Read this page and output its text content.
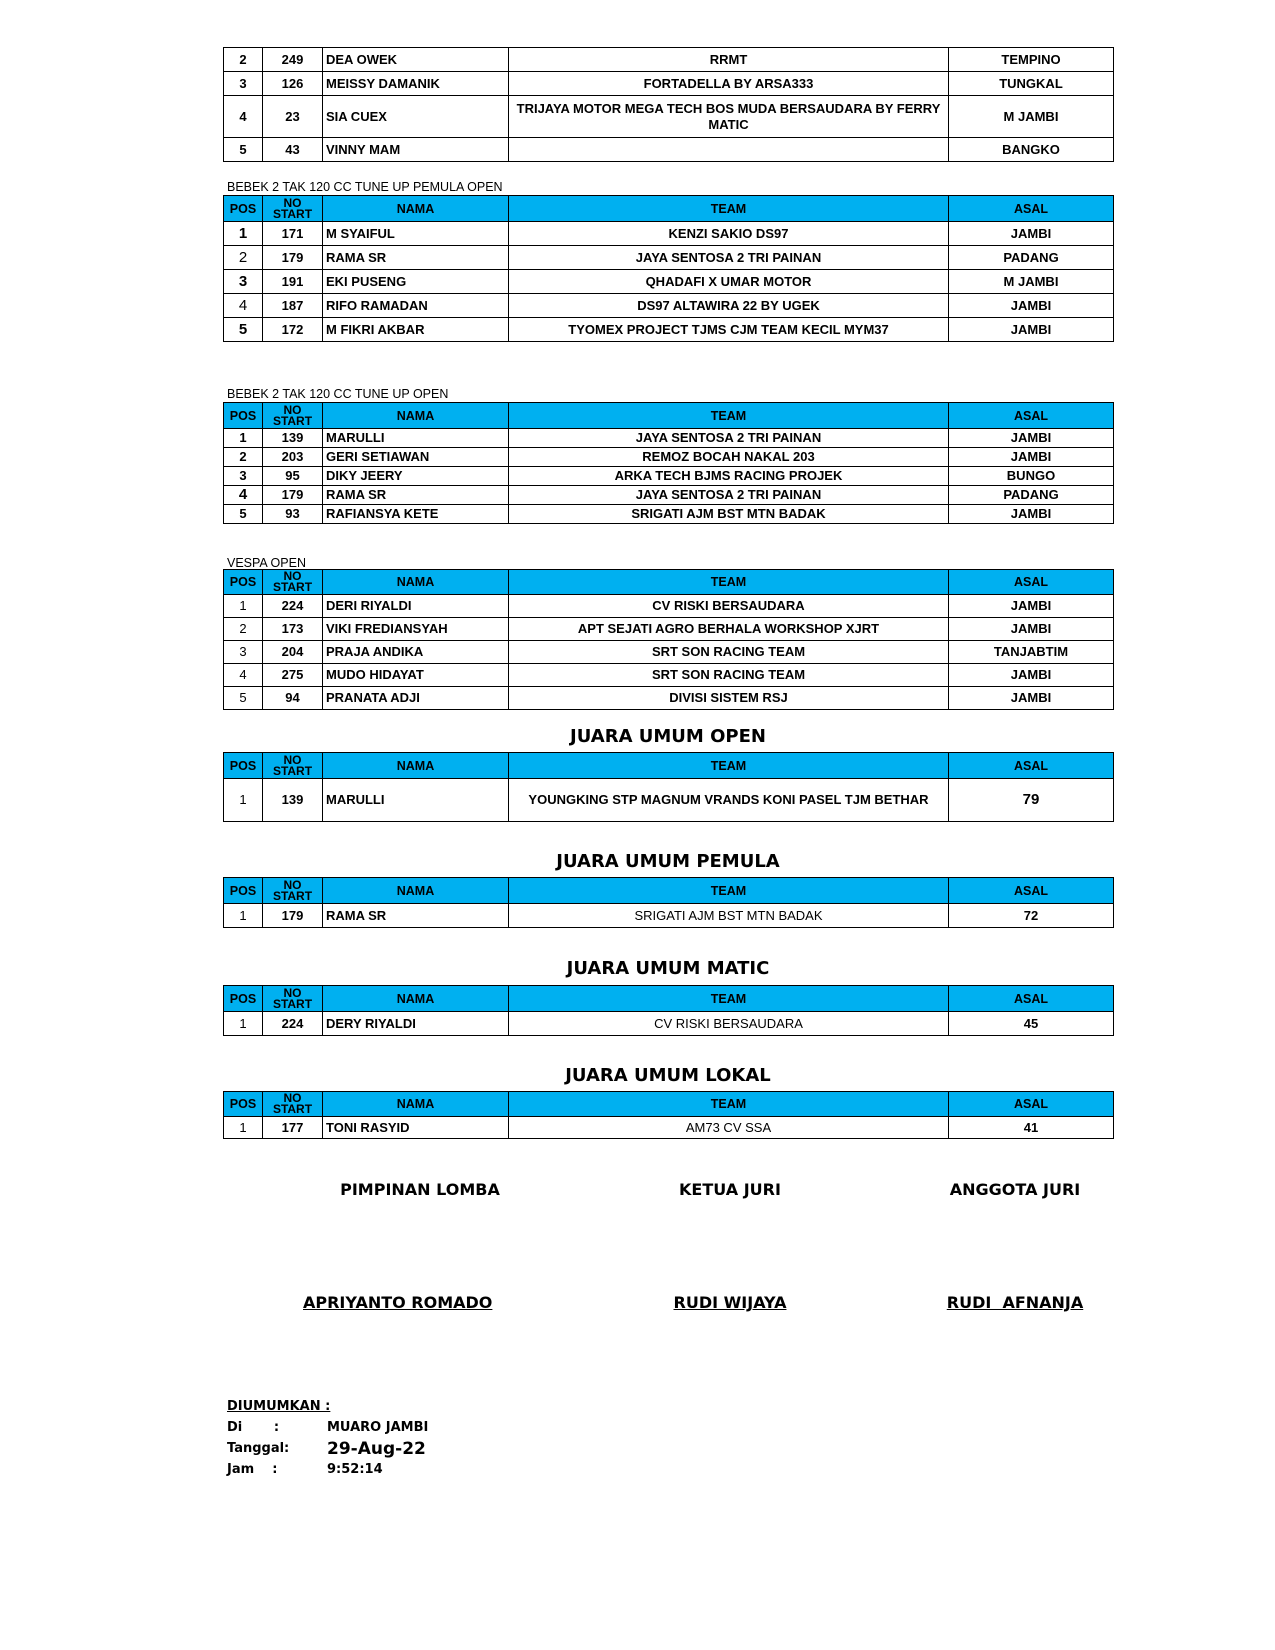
2	249	DEA OWEK	RRMT	TEMPINO
3	126	MEISSY DAMANIK	FORTADELLA BY ARSA333	TUNGKAL
4	23	SIA CUEX	TRIJAYA MOTOR MEGA TECH BOS MUDA BERSAUDARA BY FERRY MATIC	M JAMBI
5	43	VINNY MAM		BANGKO
BEBEK 2 TAK 120 CC TUNE UP PEMULA OPEN
POS	NO START	NAMA	TEAM	ASAL
1	171	M SYAIFUL	KENZI SAKIO DS97	JAMBI
2	179	RAMA SR	JAYA SENTOSA 2 TRI PAINAN	PADANG
3	191	EKI PUSENG	QHADAFI X UMAR MOTOR	M JAMBI
4	187	RIFO RAMADAN	DS97 ALTAWIRA 22 BY UGEK	JAMBI
5	172	M FIKRI AKBAR	TYOMEX PROJECT TJMS CJM TEAM KECIL MYM37	JAMBI
BEBEK 2 TAK 120 CC TUNE UP OPEN
POS	NO START	NAMA	TEAM	ASAL
1	139	MARULLI	JAYA SENTOSA 2 TRI PAINAN	JAMBI
2	203	GERI SETIAWAN	REMOZ BOCAH NAKAL 203	JAMBI
3	95	DIKY JEERY	ARKA TECH BJMS RACING PROJEK	BUNGO
4	179	RAMA SR	JAYA SENTOSA 2 TRI PAINAN	PADANG
5	93	RAFIANSYA KETE	SRIGATI AJM BST MTN BADAK	JAMBI
VESPA OPEN
POS	NO START	NAMA	TEAM	ASAL
1	224	DERI RIYALDI	CV RISKI BERSAUDARA	JAMBI
2	173	VIKI FREDIANSYAH	APT SEJATI AGRO BERHALA WORKSHOP XJRT	JAMBI
3	204	PRAJA ANDIKA	SRT SON RACING TEAM	TANJABTIM
4	275	MUDO HIDAYAT	SRT SON RACING TEAM	JAMBI
5	94	PRANATA ADJI	DIVISI SISTEM RSJ	JAMBI
JUARA UMUM OPEN
POS	NO START	NAMA	TEAM	ASAL
1	139	MARULLI	YOUNGKING STP MAGNUM VRANDS KONI PASEL TJM BETHAR	79
JUARA UMUM PEMULA
POS	NO START	NAMA	TEAM	ASAL
1	179	RAMA SR	SRIGATI AJM BST MTN BADAK	72
JUARA UMUM MATIC
POS	NO START	NAMA	TEAM	ASAL
1	224	DERY RIYALDI	CV RISKI BERSAUDARA	45
JUARA UMUM LOKAL
POS	NO START	NAMA	TEAM	ASAL
1	177	TONI RASYID	AM73 CV SSA	41
PIMPINAN LOMBA	KETUA JURI	ANGGOTA JURI
APRIYANTO ROMADO	RUDI WIJAYA	RUDI  AFNANJA
DIUMUMKAN :
Di       :	MUARO JAMBI
Tanggal: 29-Aug-22
Jam    :	9:52:14
